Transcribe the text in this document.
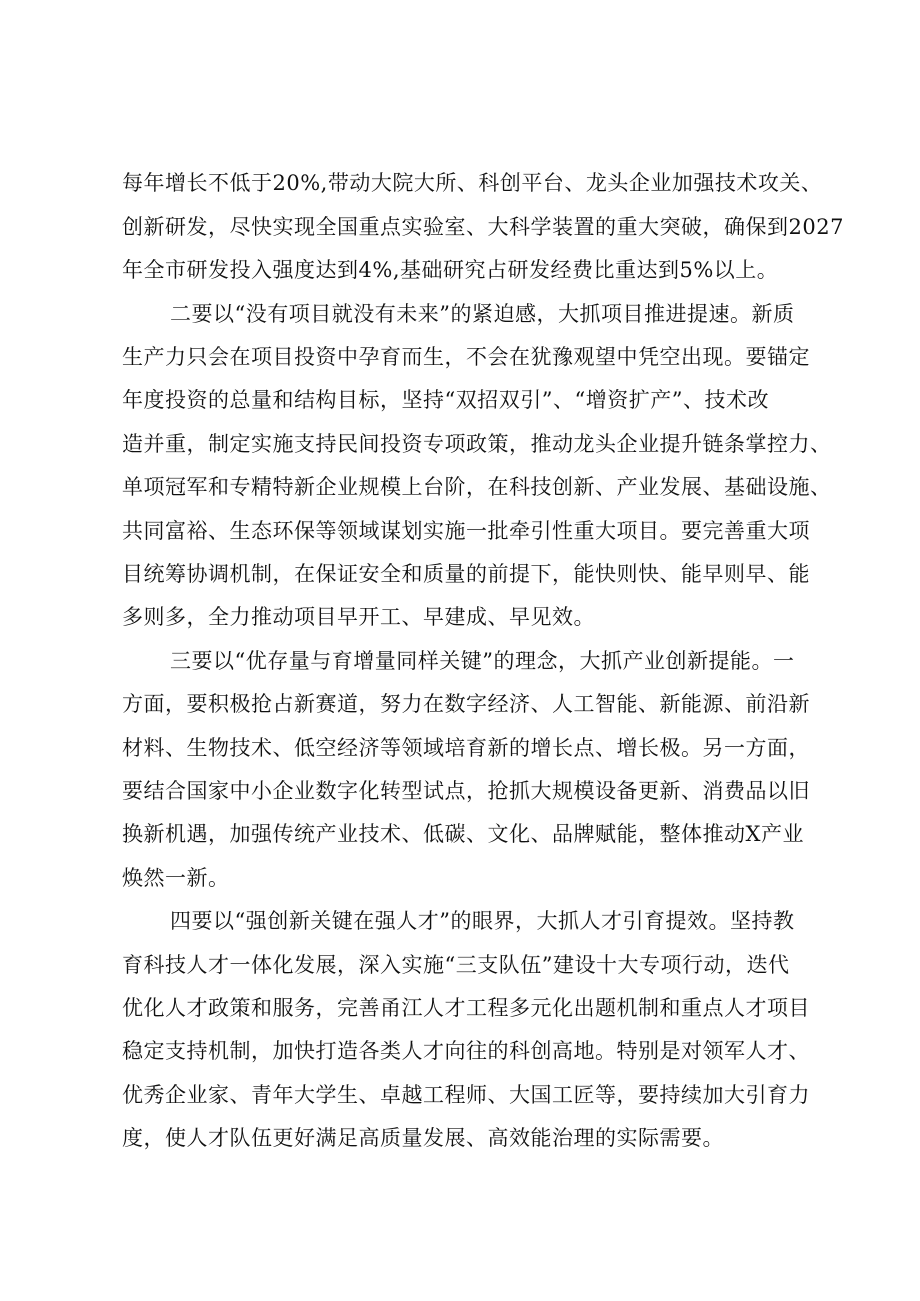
每年增长不低于20%,带动大院大所、科创平台、龙头企业加强技术攻关、
创新研发，尽快实现全国重点实验室、大科学装置的重大突破，确保到2027
年全市研发投入强度达到4%,基础研究占研发经费比重达到5%以上。
二要以“没有项目就没有未来”的紧迫感，大抓项目推进提速。新质
生产力只会在项目投资中孕育而生，不会在犹豫观望中凭空出现。要锚定
年度投资的总量和结构目标，坚持“双招双引”、“增资扩产”、技术改
造并重，制定实施支持民间投资专项政策，推动龙头企业提升链条掌控力、
单项冠军和专精特新企业规模上台阶，在科技创新、产业发展、基础设施、
共同富裕、生态环保等领域谋划实施一批牵引性重大项目。要完善重大项
目统筹协调机制，在保证安全和质量的前提下，能快则快、能早则早、能
多则多，全力推动项目早开工、早建成、早见效。
三要以“优存量与育增量同样关键”的理念，大抓产业创新提能。一
方面，要积极抢占新赛道，努力在数字经济、人工智能、新能源、前沿新
材料、生物技术、低空经济等领域培育新的增长点、增长极。另一方面，
要结合国家中小企业数字化转型试点，抢抓大规模设备更新、消费品以旧
换新机遇，加强传统产业技术、低碳、文化、品牌赋能，整体推动X产业
焕然一新。
四要以“强创新关键在强人才”的眼界，大抓人才引育提效。坚持教
育科技人才一体化发展，深入实施“三支队伍”建设十大专项行动，迭代
优化人才政策和服务，完善甬江人才工程多元化出题机制和重点人才项目
稳定支持机制，加快打造各类人才向往的科创高地。特别是对领军人才、
优秀企业家、青年大学生、卓越工程师、大国工匠等，要持续加大引育力
度，使人才队伍更好满足高质量发展、高效能治理的实际需要。
